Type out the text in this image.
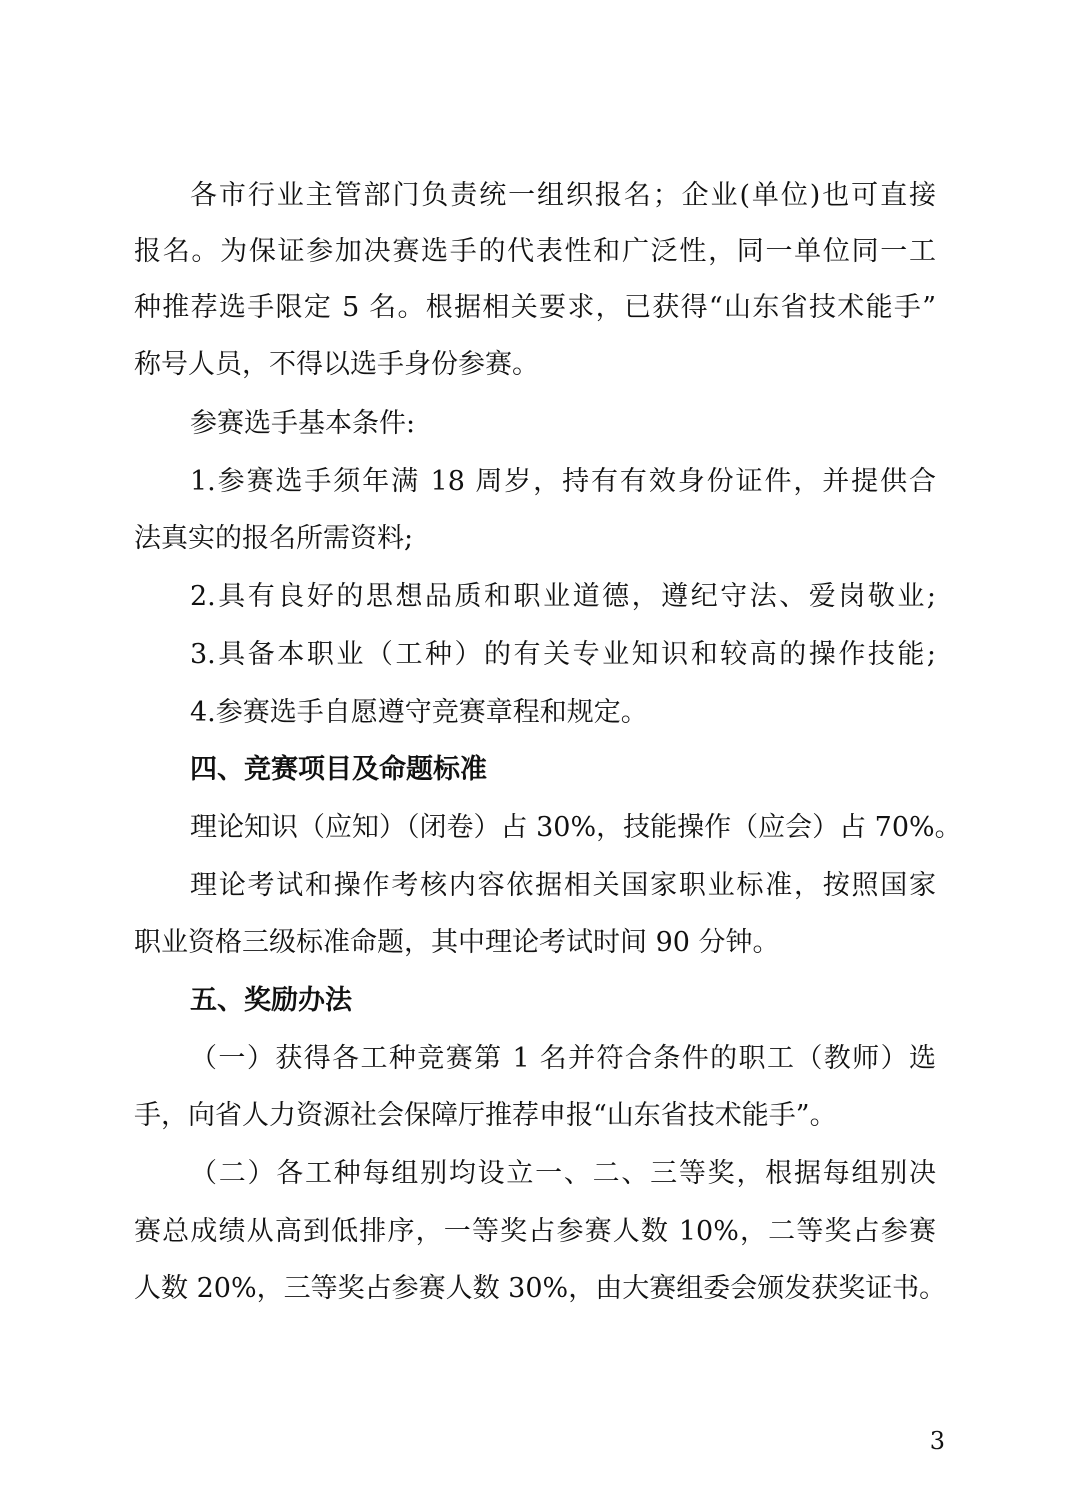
各市行业主管部门负责统一组织报名；企业(单位)也可直接
报名。为保证参加决赛选手的代表性和广泛性，同一单位同一工
种推荐选手限定 5 名。根据相关要求，已获得“山东省技术能手”
称号人员，不得以选手身份参赛。
参赛选手基本条件:
1.参赛选手须年满 18 周岁，持有有效身份证件，并提供合
法真实的报名所需资料;
2.具有良好的思想品质和职业道德，遵纪守法、爱岗敬业;
3.具备本职业（工种）的有关专业知识和较高的操作技能;
4.参赛选手自愿遵守竞赛章程和规定。
四、竞赛项目及命题标准
理论知识（应知）（闭卷）占 30%，技能操作（应会）占 70%。
理论考试和操作考核内容依据相关国家职业标准，按照国家
职业资格三级标准命题，其中理论考试时间 90 分钟。
五、奖励办法
（一）获得各工种竞赛第 1 名并符合条件的职工（教师）选
手，向省人力资源社会保障厅推荐申报“山东省技术能手”。
（二）各工种每组别均设立一、二、三等奖，根据每组别决
赛总成绩从高到低排序，一等奖占参赛人数 10%，二等奖占参赛
人数 20%，三等奖占参赛人数 30%，由大赛组委会颁发获奖证书。
3
